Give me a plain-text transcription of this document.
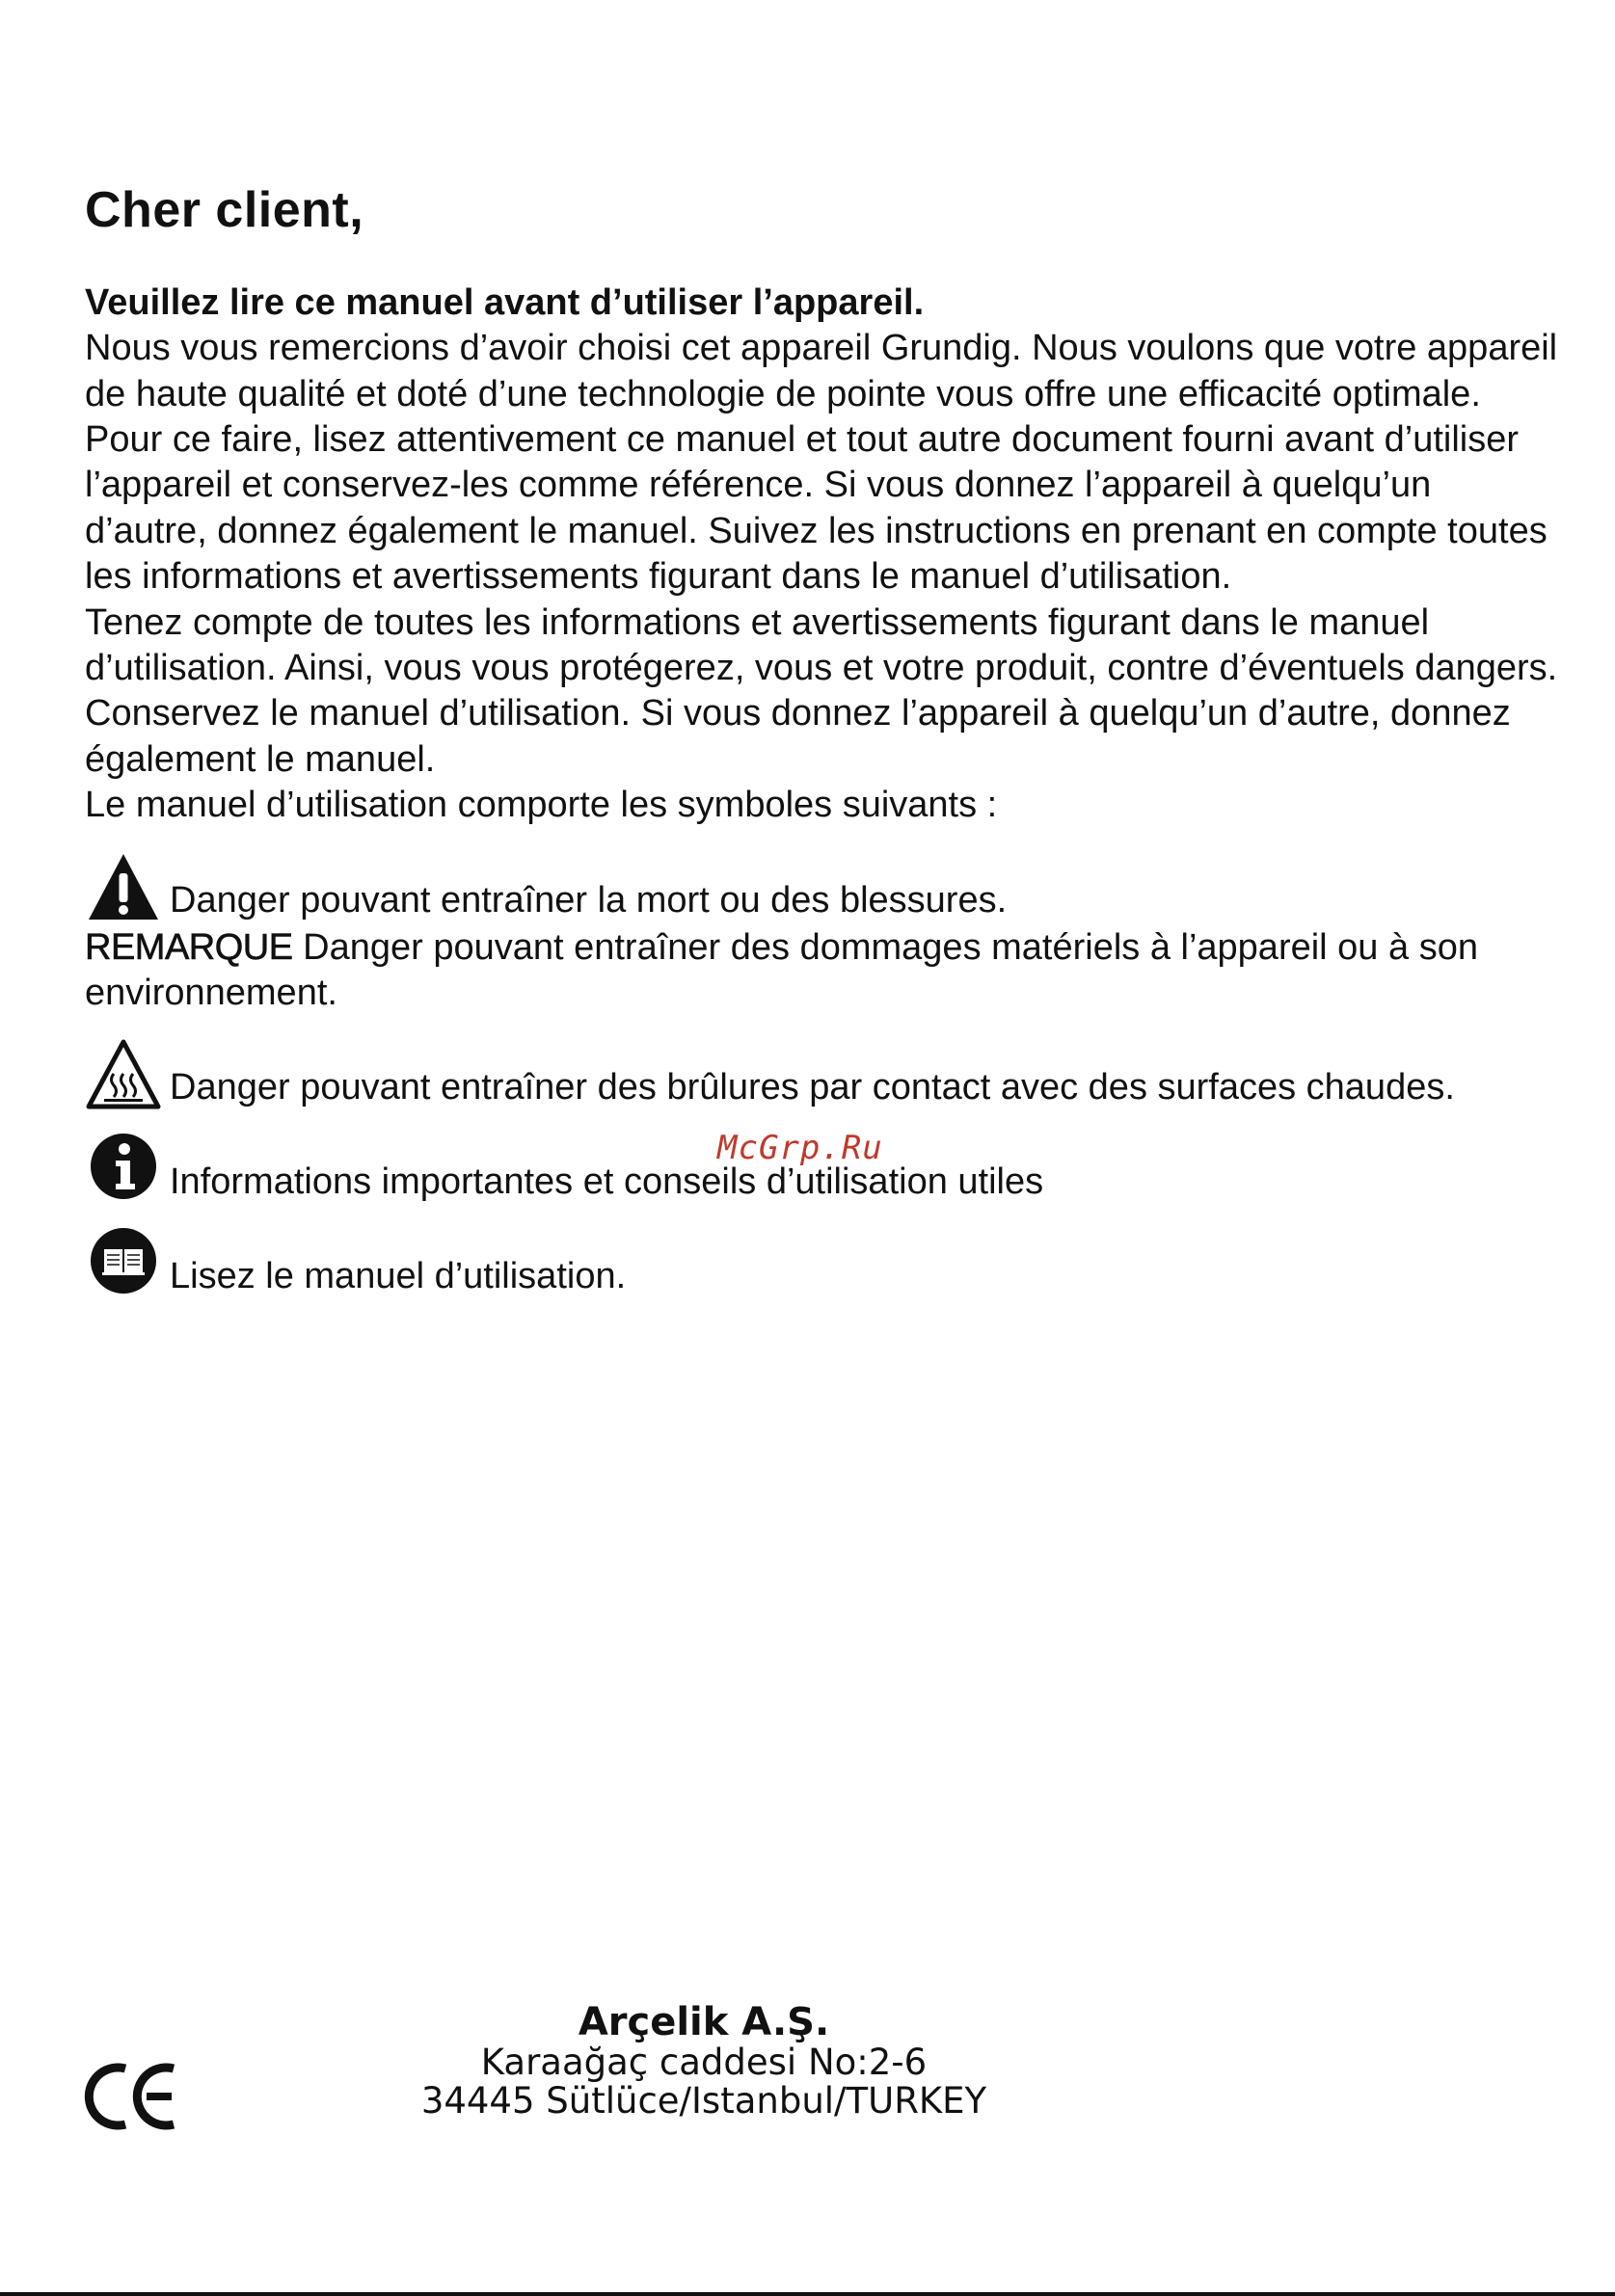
Cher client,

Veuillez lire ce manuel avant d’utiliser l’appareil.

Nous vous remercions d’avoir choisi cet appareil Grundig. Nous voulons que votre appareil de haute qualité et doté d’une technologie de pointe vous offre une efficacité optimale. Pour ce faire, lisez attentivement ce manuel et tout autre document fourni avant d’utiliser l’appareil et conservez-les comme référence. Si vous donnez l’appareil à quelqu’un d’autre, donnez également le manuel. Suivez les instructions en prenant en compte toutes les informations et avertissements figurant dans le manuel d’utilisation.

Tenez compte de toutes les informations et avertissements figurant dans le manuel d’utilisation. Ainsi, vous vous protégerez, vous et votre produit, contre d’éventuels dangers.

Conservez le manuel d’utilisation. Si vous donnez l’appareil à quelqu’un d’autre, donnez également le manuel.

Le manuel d’utilisation comporte les symboles suivants :

Danger pouvant entraîner la mort ou des blessures.

REMARQUE Danger pouvant entraîner des dommages matériels à l’appareil ou à son environnement.

Danger pouvant entraîner des brûlures par contact avec des surfaces chaudes.
Informations importantes et conseils d’utilisation utiles
Lisez le manuel d’utilisation.
McGrp.Ru
Arçelik A.Ş.
Karaağaç caddesi No:2-6
34445 Sütlüce/Istanbul/TURKEY
